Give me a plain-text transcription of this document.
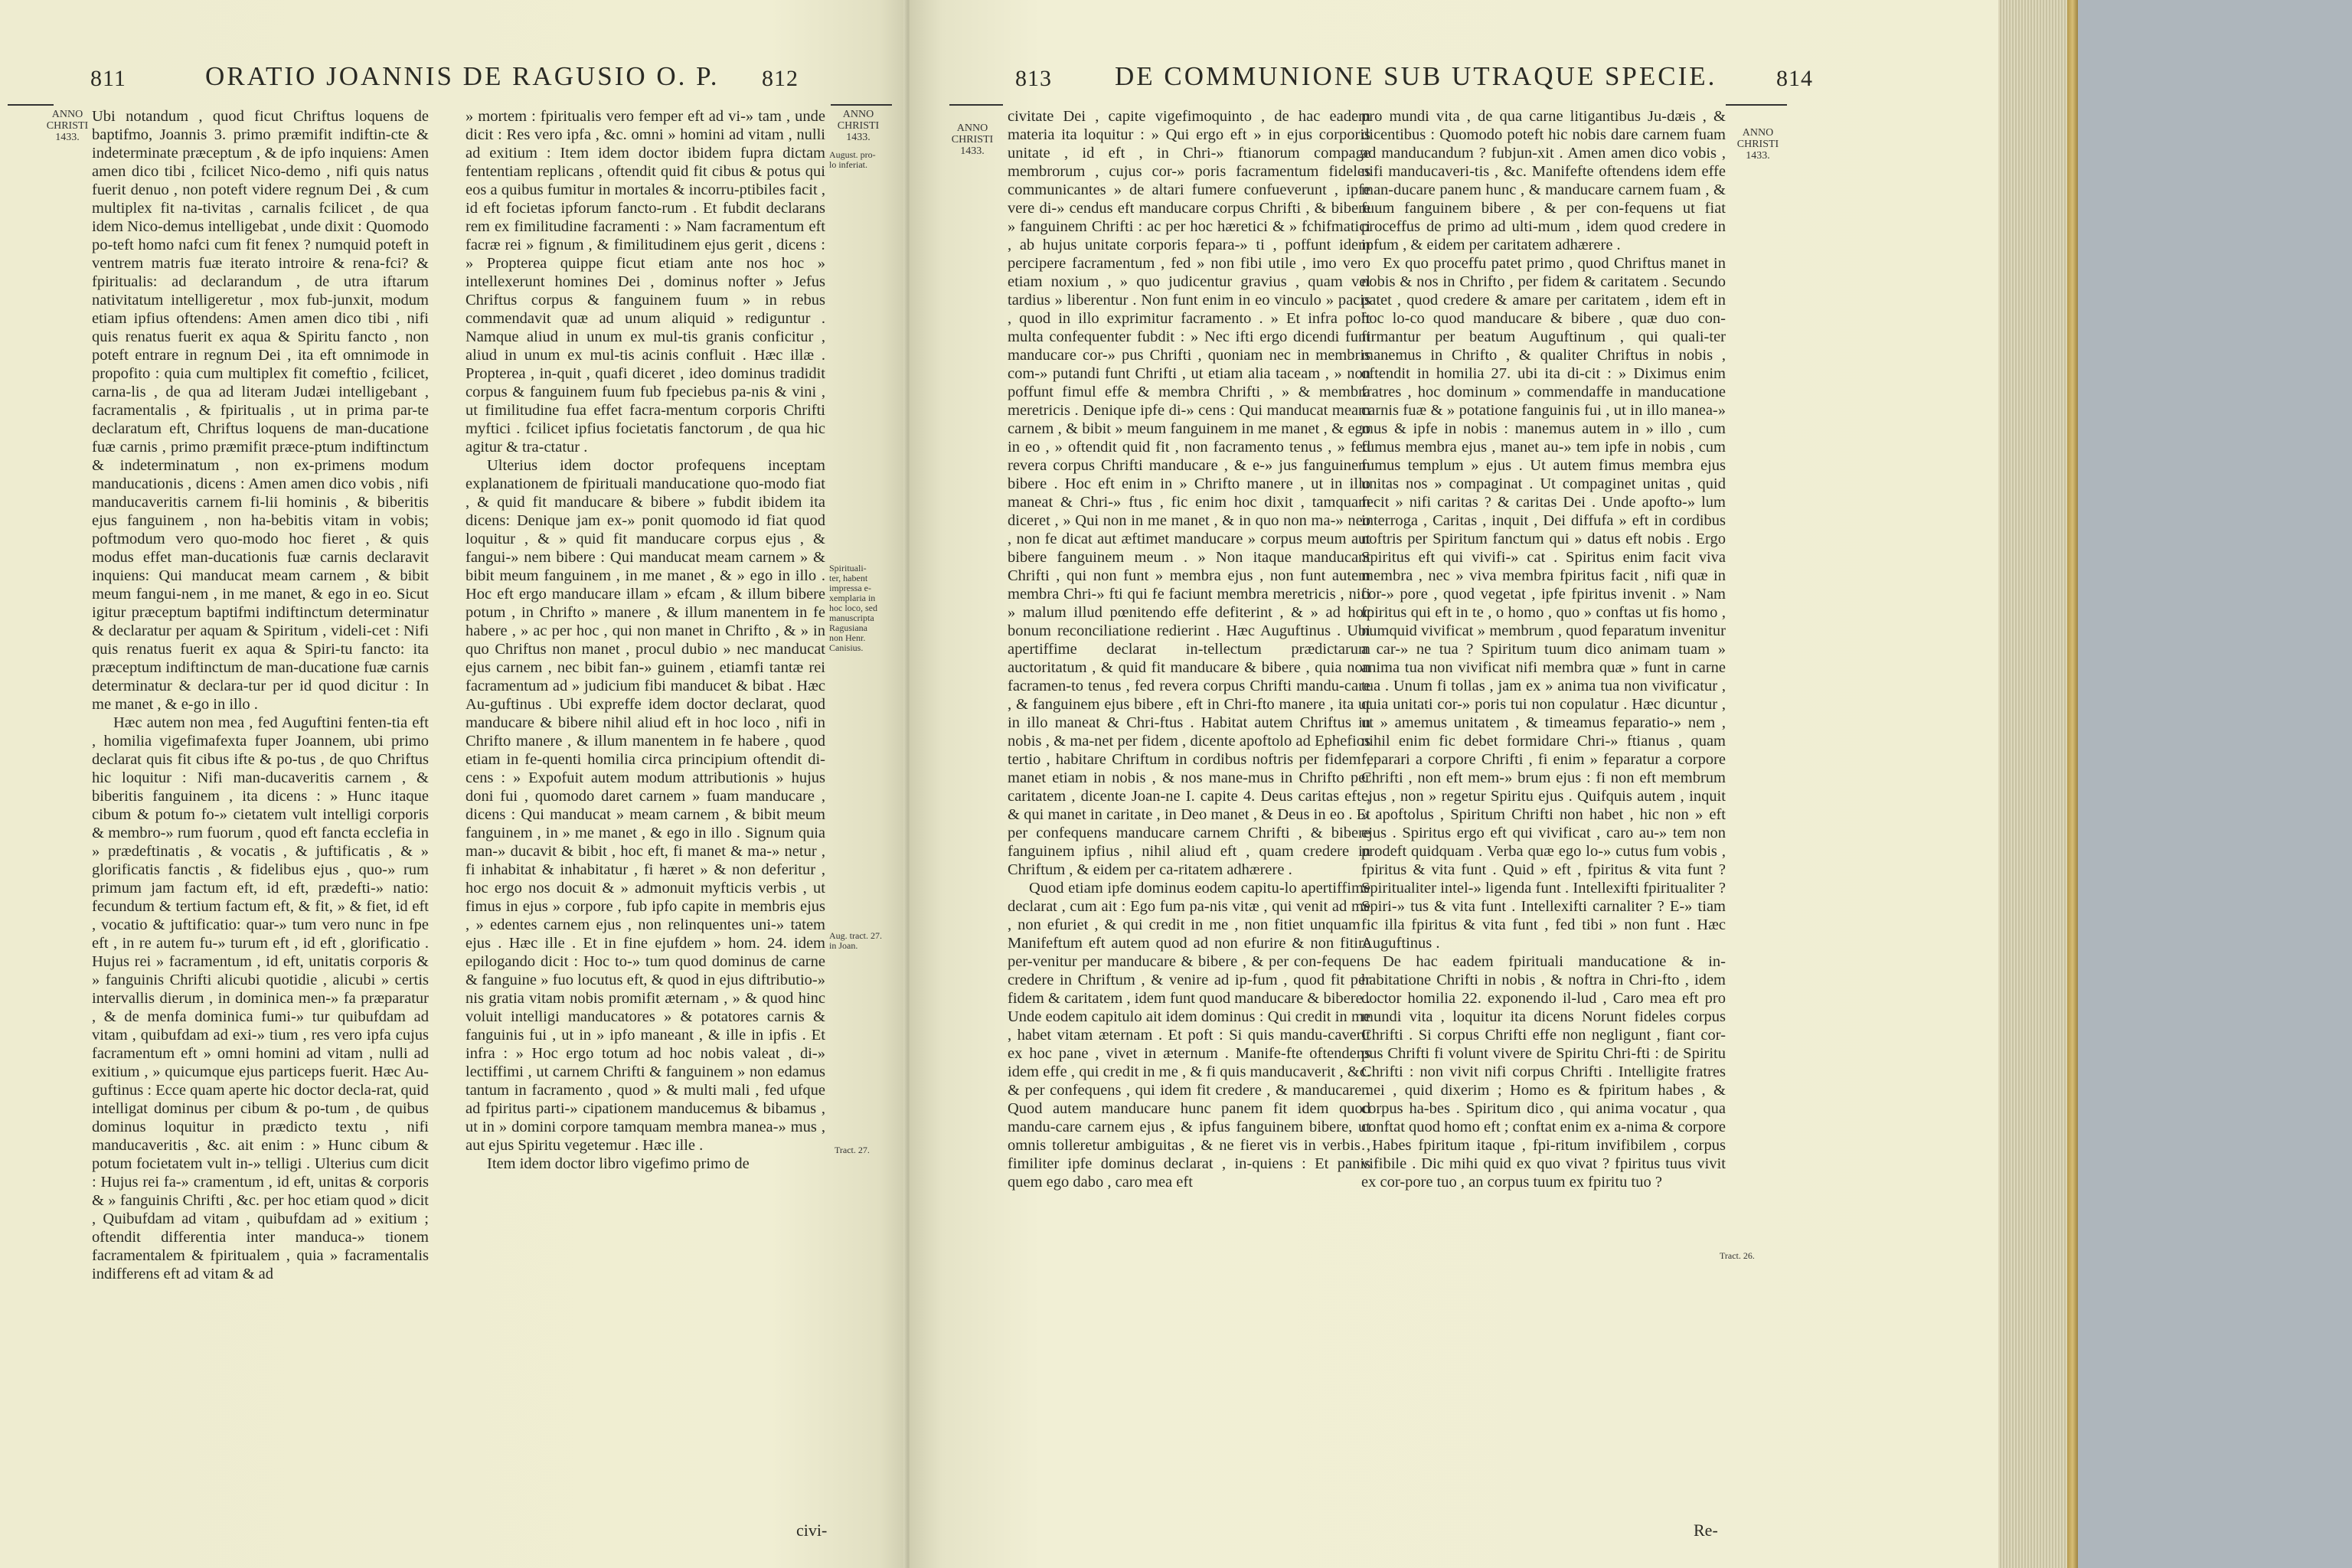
811	ORATIO JOANNIS DE RAGUSIO O. P. 812
ANNO
CHRISTI
1433.
ANNO
CHRISTI
1433.
August. pro-
lo inferiat.
Spirituali-
ter, habent
impressa e-
xemplaria in
hoc loco, sed
manuscripta
Ragusiana
non Henr.
Canisius.
Aug. tract. 27.
in Joan.
Tract. 27.

Ubi notandum , quod ficut Chriftus loquens de baptifmo, Joannis 3. primo præmifit indiftin-cte & indeterminate præceptum , & de ipfo inquiens: Amen amen dico tibi , fcilicet Nico-demo , nifi quis natus fuerit denuo , non poteft videre regnum Dei , & cum multiplex fit na-tivitas , carnalis fcilicet , de qua idem Nico-demus intelligebat , unde dixit : Quomodo po-teft homo nafci cum fit fenex ? numquid poteft in ventrem matris fuæ iterato introire & rena-fci? & fpiritualis: ad declarandum , de utra iftarum nativitatum intelligeretur , mox fub-junxit, modum etiam ipfius oftendens: Amen amen dico tibi , nifi quis renatus fuerit ex aqua & Spiritu fancto , non poteft entrare in regnum Dei , ita eft omnimode in propofito : quia cum multiplex fit comeftio , fcilicet, carna-lis , de qua ad literam Judæi intelligebant , facramentalis , & fpiritualis , ut in prima par-te declaratum eft, Chriftus loquens de man-ducatione fuæ carnis , primo præmifit præce-ptum indiftinctum & indeterminatum , non ex-primens modum manducationis , dicens : Amen amen dico vobis , nifi manducaveritis carnem fi-lii hominis , & biberitis ejus fanguinem , non ha-bebitis vitam in vobis; poftmodum vero quo-modo hoc fieret , & quis modus effet man-ducationis fuæ carnis declaravit inquiens: Qui manducat meam carnem , & bibit meum fangui-nem , in me manet, & ego in eo. Sicut igitur præceptum baptifmi indiftinctum determinatur & declaratur per aquam & Spiritum , videli-cet : Nifi quis renatus fuerit ex aqua & Spiri-tu fancto: ita præceptum indiftinctum de man-ducatione fuæ carnis determinatur & declara-tur per id quod dicitur : In me manet , & e-go in illo .

Hæc autem non mea , fed Auguftini fenten-tia eft , homilia vigefimafexta fuper Joannem, ubi primo declarat quis fit cibus ifte & po-tus , de quo Chriftus hic loquitur : Nifi man-ducaveritis carnem , & biberitis fanguinem , ita dicens : » Hunc itaque cibum & potum fo-» cietatem vult intelligi corporis & membro-» rum fuorum , quod eft fancta ecclefia in » prædeftinatis , & vocatis , & juftificatis , & » glorificatis fanctis , & fidelibus ejus , quo-» rum primum jam factum eft, id eft, prædefti-» natio: fecundum & tertium factum eft, & fit, » & fiet, id eft , vocatio & juftificatio: quar-» tum vero nunc in fpe eft , in re autem fu-» turum eft , id eft , glorificatio . Hujus rei » facramentum , id eft, unitatis corporis & » fanguinis Chrifti alicubi quotidie , alicubi » certis intervallis dierum , in dominica men-» fa præparatur , & de menfa dominica fumi-» tur quibufdam ad vitam , quibufdam ad exi-» tium , res vero ipfa cujus facramentum eft » omni homini ad vitam , nulli ad exitium , » quicumque ejus particeps fuerit. Hæc Au-guftinus : Ecce quam aperte hic doctor decla-rat, quid intelligat dominus per cibum & po-tum , de quibus dominus loquitur in prædicto textu , nifi manducaveritis , &c. ait enim : » Hunc cibum & potum focietatem vult in-» telligi . Ulterius cum dicit : Hujus rei fa-» cramentum , id eft, unitas & corporis & » fanguinis Chrifti , &c. per hoc etiam quod » dicit , Quibufdam ad vitam , quibufdam ad » exitium ; oftendit differentia inter manduca-» tionem facramentalem & fpiritualem , quia » facramentalis indifferens eft ad vitam & ad

» mortem : fpiritualis vero femper eft ad vi-» tam , unde dicit : Res vero ipfa , &c. omni » homini ad vitam , nulli ad exitium : Item idem doctor ibidem fupra dictam fententiam replicans , oftendit quid fit cibus & potus qui eos a quibus fumitur in mortales & incorru-ptibiles facit , id eft focietas ipforum fancto-rum . Et fubdit declarans rem ex fimilitudine facramenti : » Nam facramentum eft facræ rei » fignum , & fimilitudinem ejus gerit , dicens : » Propterea quippe ficut etiam ante nos hoc » intellexerunt homines Dei , dominus nofter » Jefus Chriftus corpus & fanguinem fuum » in rebus commendavit quæ ad unum aliquid » rediguntur . Namque aliud in unum ex mul-tis granis conficitur , aliud in unum ex mul-tis acinis confluit . Hæc illæ . Propterea , in-quit , quafi diceret , ideo dominus tradidit corpus & fanguinem fuum fub fpeciebus pa-nis & vini , ut fimilitudine fua effet facra-mentum corporis Chrifti myftici . fcilicet ipfius focietatis fanctorum , de qua hic agitur & tra-ctatur .

Ulterius idem doctor profequens inceptam explanationem de fpirituali manducatione quo-modo fiat , & quid fit manducare & bibere » fubdit ibidem ita dicens: Denique jam ex-» ponit quomodo id fiat quod loquitur , & » quid fit manducare corpus ejus , & fangui-» nem bibere : Qui manducat meam carnem » & bibit meum fanguinem , in me manet , & » ego in illo . Hoc eft ergo manducare illam » efcam , & illum bibere potum , in Chrifto » manere , & illum manentem in fe habere , » ac per hoc , qui non manet in Chrifto , & » in quo Chriftus non manet , procul dubio » nec manducat ejus carnem , nec bibit fan-» guinem , etiamfi tantæ rei facramentum ad » judicium fibi manducet & bibat . Hæc Au-guftinus . Ubi expreffe idem doctor declarat, quod manducare & bibere nihil aliud eft in hoc loco , nifi in Chrifto manere , & illum manentem in fe habere , quod etiam in fe-quenti homilia circa principium oftendit di-cens : » Expofuit autem modum attributionis » hujus doni fui , quomodo daret carnem » fuam manducare , dicens : Qui manducat » meam carnem , & bibit meum fanguinem , in » me manet , & ego in illo . Signum quia man-» ducavit & bibit , hoc eft, fi manet & ma-» netur , fi inhabitat & inhabitatur , fi hæret » & non deferitur , hoc ergo nos docuit & » admonuit myfticis verbis , ut fimus in ejus » corpore , fub ipfo capite in membris ejus , » edentes carnem ejus , non relinquentes uni-» tatem ejus . Hæc ille . Et in fine ejufdem » hom. 24. idem epilogando dicit : Hoc to-» tum quod dominus de carne & fanguine » fuo locutus eft, & quod in ejus diftributio-» nis gratia vitam nobis promifit æternam , » & quod hinc voluit intelligi manducatores » & potatores carnis & fanguinis fui , ut in » ipfo maneant , & ille in ipfis . Et infra : » Hoc ergo totum ad hoc nobis valeat , di-» lectiffimi , ut carnem Chrifti & fanguinem » non edamus tantum in facramento , quod » & multi mali , fed ufque ad fpiritus parti-» cipationem manducemus & bibamus , ut in » domini corpore tamquam membra manea-» mus , aut ejus Spiritu vegetemur . Hæc ille .

Item idem doctor libro vigefimo primo de

civi-
813 DE COMMUNIONE SUB UTRAQUE SPECIE.	814
ANNO
CHRISTI
1433.
ANNO
CHRISTI
1433.
Tract. 26.

civitate Dei , capite vigefimoquinto , de hac eadem materia ita loquitur : » Qui ergo eft » in ejus corporis unitate , id eft , in Chri-» ftianorum compage membrorum , cujus cor-» poris facramentum fideles communicantes » de altari fumere confueverunt , ipfe vere di-» cendus eft manducare corpus Chrifti , & bibere » fanguinem Chrifti : ac per hoc hæretici & » fchifmatici , ab hujus unitate corporis fepara-» ti , poffunt idem percipere facramentum , fed » non fibi utile , imo vero etiam noxium , » quo judicentur gravius , quam vel tardius » liberentur . Non funt enim in eo vinculo » pacis , quod in illo exprimitur facramento . » Et infra poft multa confequenter fubdit : » Nec ifti ergo dicendi funt manducare cor-» pus Chrifti , quoniam nec in membris com-» putandi funt Chrifti , ut etiam alia taceam , » non poffunt fimul effe & membra Chrifti , » & membra meretricis . Denique ipfe di-» cens : Qui manducat meam carnem , & bibit » meum fanguinem in me manet , & ego in eo , » oftendit quid fit , non facramento tenus , » fed revera corpus Chrifti manducare , & e-» jus fanguinem bibere . Hoc eft enim in » Chrifto manere , ut in illo maneat & Chri-» ftus , fic enim hoc dixit , tamquam diceret , » Qui non in me manet , & in quo non ma-» neo , non fe dicat aut æftimet manducare » corpus meum aut bibere fanguinem meum . » Non itaque manducant Chrifti , qui non funt » membra ejus , non funt autem membra Chri-» fti qui fe faciunt membra meretricis , nifi » malum illud pœnitendo effe defiterint , & » ad hoc bonum reconciliatione redierint . Hæc Auguftinus . Ubi apertiffime declarat in-tellectum prædictarum auctoritatum , & quid fit manducare & bibere , quia non facramen-to tenus , fed revera corpus Chrifti mandu-care , & fanguinem ejus bibere , eft in Chri-fto manere , ita ut in illo maneat & Chri-ftus . Habitat autem Chriftus in nobis , & ma-net per fidem , dicente apoftolo ad Ephefios tertio , habitare Chriftum in cordibus noftris per fidem , manet etiam in nobis , & nos mane-mus in Chrifto per caritatem , dicente Joan-ne I. capite 4. Deus caritas eft , & qui manet in caritate , in Deo manet , & Deus in eo . Et per confequens manducare carnem Chrifti , & bibere fanguinem ipfius , nihil aliud eft , quam credere in Chriftum , & eidem per ca-ritatem adhærere .

Quod etiam ipfe dominus eodem capitu-lo apertiffime declarat , cum ait : Ego fum pa-nis vitæ , qui venit ad me , non efuriet , & qui credit in me , non fitiet unquam . Manifeftum eft autem quod ad non efurire & non fitire per-venitur per manducare & bibere , & per con-fequens credere in Chriftum , & venire ad ip-fum , quod fit per fidem & caritatem , idem funt quod manducare & bibere . Unde eodem capitulo ait idem dominus : Qui credit in me , habet vitam æternam . Et poft : Si quis mandu-caverit ex hoc pane , vivet in æternum . Manife-fte oftendens idem effe , qui credit in me , & fi quis manducaverit , &c. & per confequens , qui idem fit credere , & manducare . Quod autem manducare hunc panem fit idem quod mandu-care carnem ejus , & ipfus fanguinem bibere, ut omnis tolleretur ambiguitas , & ne fieret vis in verbis , fimiliter ipfe dominus declarat , in-quiens : Et panis quem ego dabo , caro mea eft

pro mundi vita , de qua carne litigantibus Ju-dæis , & dicentibus : Quomodo poteft hic nobis dare carnem fuam ad manducandum ? fubjun-xit . Amen amen dico vobis , nifi manducaveri-tis , &c. Manifefte oftendens idem effe man-ducare panem hunc , & manducare carnem fuam , & fuum fanguinem bibere , & per con-fequens ut fiat proceffus de primo ad ulti-mum , idem quod credere in ipfum , & eidem per caritatem adhærere .

Ex quo proceffu patet primo , quod Chriftus manet in nobis & nos in Chrifto , per fidem & caritatem . Secundo patet , quod credere & amare per caritatem , idem eft in hoc lo-co quod manducare & bibere , quæ duo con-firmantur per beatum Auguftinum , qui quali-ter manemus in Chrifto , & qualiter Chriftus in nobis , oftendit in homilia 27. ubi ita di-cit : » Diximus enim fratres , hoc dominum » commendaffe in manducatione carnis fuæ & » potatione fanguinis fui , ut in illo manea-» mus & ipfe in nobis : manemus autem in » illo , cum fumus membra ejus , manet au-» tem ipfe in nobis , cum fumus templum » ejus . Ut autem fimus membra ejus unitas nos » compaginat . Ut compaginet unitas , quid fecit » nifi caritas ? & caritas Dei . Unde apofto-» lum interroga , Caritas , inquit , Dei diffufa » eft in cordibus noftris per Spiritum fanctum qui » datus eft nobis . Ergo Spiritus eft qui vivifi-» cat . Spiritus enim facit viva membra , nec » viva membra fpiritus facit , nifi quæ in cor-» pore , quod vegetat , ipfe fpiritus invenit . » Nam fpiritus qui eft in te , o homo , quo » conftas ut fis homo , numquid vivificat » membrum , quod feparatum invenitur a car-» ne tua ? Spiritum tuum dico animam tuam » anima tua non vivificat nifi membra quæ » funt in carne tua . Unum fi tollas , jam ex » anima tua non vivificatur , quia unitati cor-» poris tui non copulatur . Hæc dicuntur , ut » amemus unitatem , & timeamus feparatio-» nem , nihil enim fic debet formidare Chri-» ftianus , quam feparari a corpore Chrifti , fi enim » feparatur a corpore Chrifti , non eft mem-» brum ejus : fi non eft membrum ejus , non » regetur Spiritu ejus . Quifquis autem , inquit » apoftolus , Spiritum Chrifti non habet , hic non » eft ejus . Spiritus ergo eft qui vivificat , caro au-» tem non prodeft quidquam . Verba quæ ego lo-» cutus fum vobis , fpiritus & vita funt . Quid » eft , fpiritus & vita funt ? Spiritualiter intel-» ligenda funt . Intellexifti fpiritualiter ? Spiri-» tus & vita funt . Intellexifti carnaliter ? E-» tiam fic illa fpiritus & vita funt , fed tibi » non funt . Hæc Auguftinus .

De hac eadem fpirituali manducatione & in-habitatione Chrifti in nobis , & noftra in Chri-fto , idem doctor homilia 22. exponendo il-lud , Caro mea eft pro mundi vita , loquitur ita dicens Norunt fideles corpus Chrifti . Si corpus Chrifti effe non negligunt , fiant cor-pus Chrifti fi volunt vivere de Spiritu Chri-fti : de Spiritu Chrifti : non vivit nifi corpus Chrifti . Intelligite fratres mei , quid dixerim ; Homo es & fpiritum habes , & corpus ha-bes . Spiritum dico , qui anima vocatur , qua conftat quod homo eft ; conftat enim ex a-nima & corpore . Habes fpiritum itaque , fpi-ritum invifibilem , corpus vifibile . Dic mihi quid ex quo vivat ? fpiritus tuus vivit ex cor-pore tuo , an corpus tuum ex fpiritu tuo ?

Re-
